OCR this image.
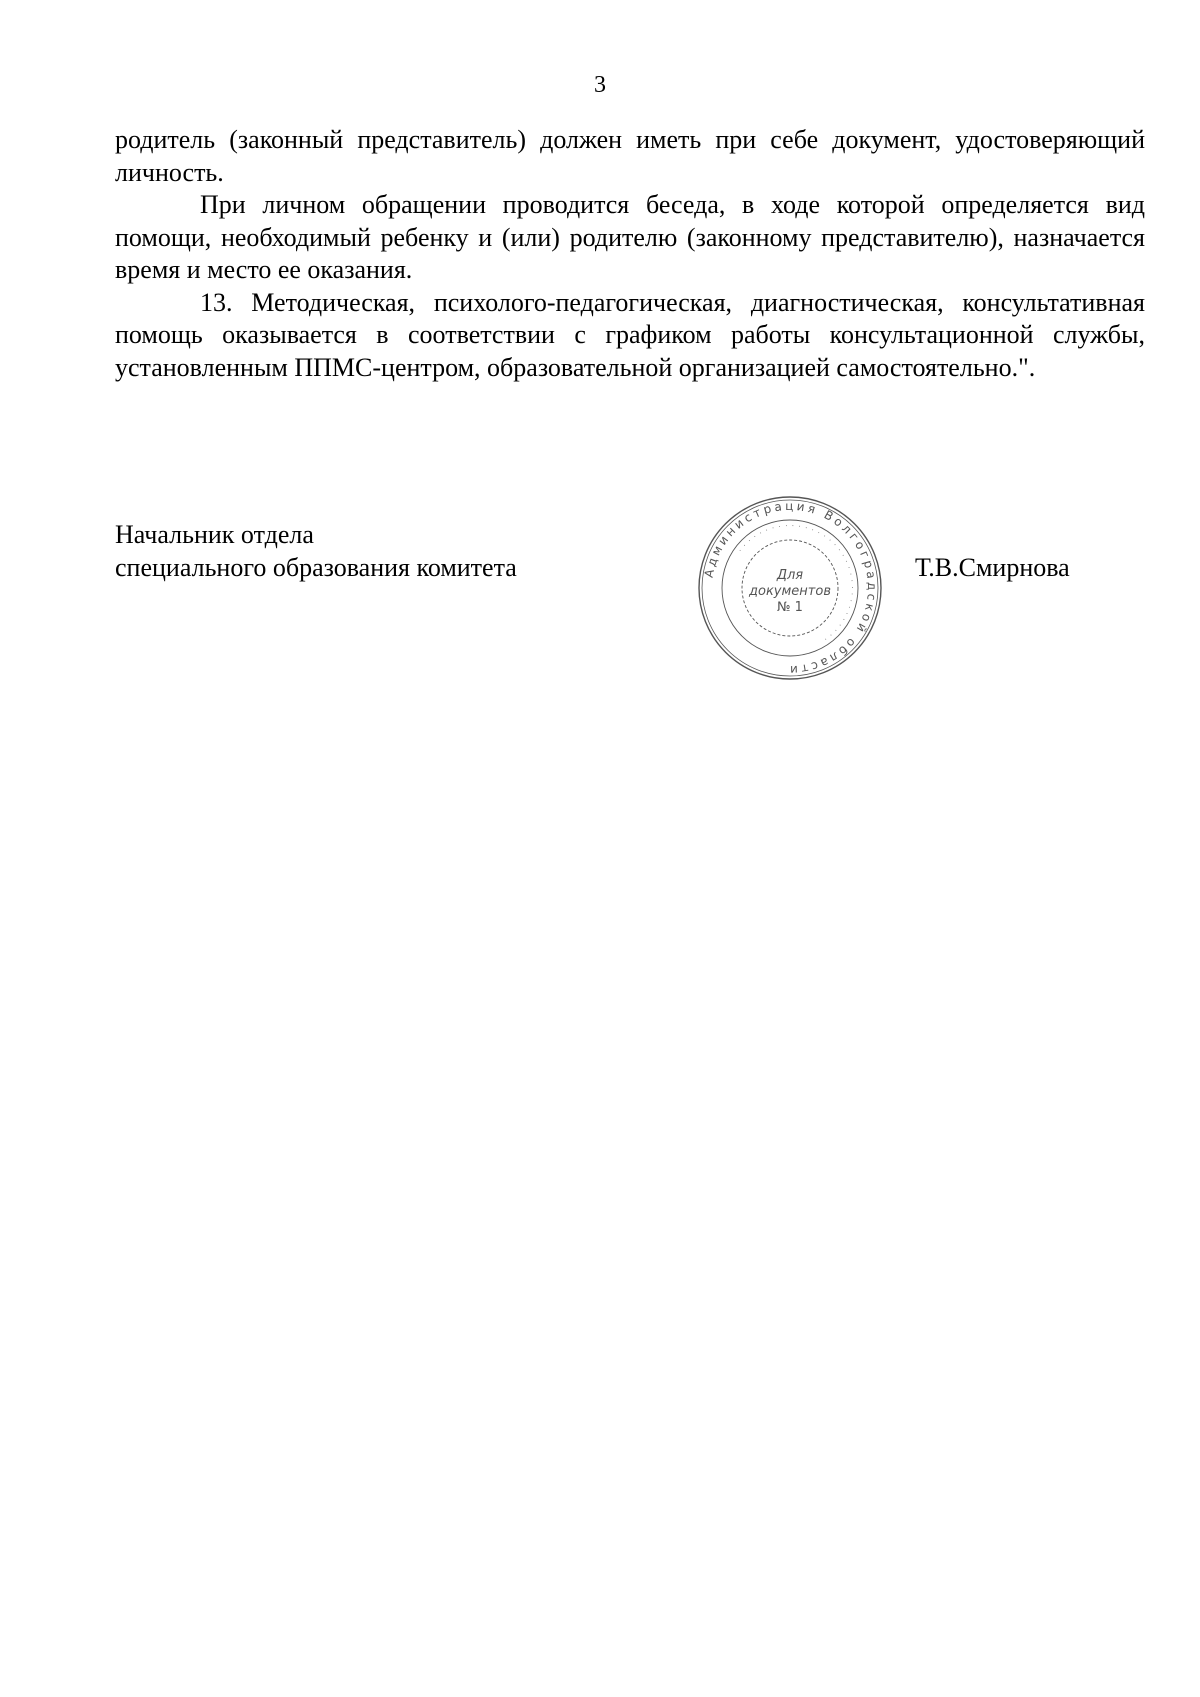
3

родитель (законный представитель) должен иметь при себе документ, удостоверяющий личность.

При личном обращении проводится беседа, в ходе которой определяется вид помощи, необходимый ребенку и (или) родителю (законному представителю), назначается время и место ее оказания.

13. Методическая, психолого-педагогическая, диагностическая, консультативная помощь оказывается в соответствии с графиком работы консультационной службы, установленным ППМС-центром, образовательной организацией самостоятельно.".

Начальник отдела
специального образования комитета	Администрация Волгоградской области
· · · · · · · · · · · · · · · · · · · · · · · · · · · · · · · · ·
Для
документов
№ 1
Т.В.Смирнова
